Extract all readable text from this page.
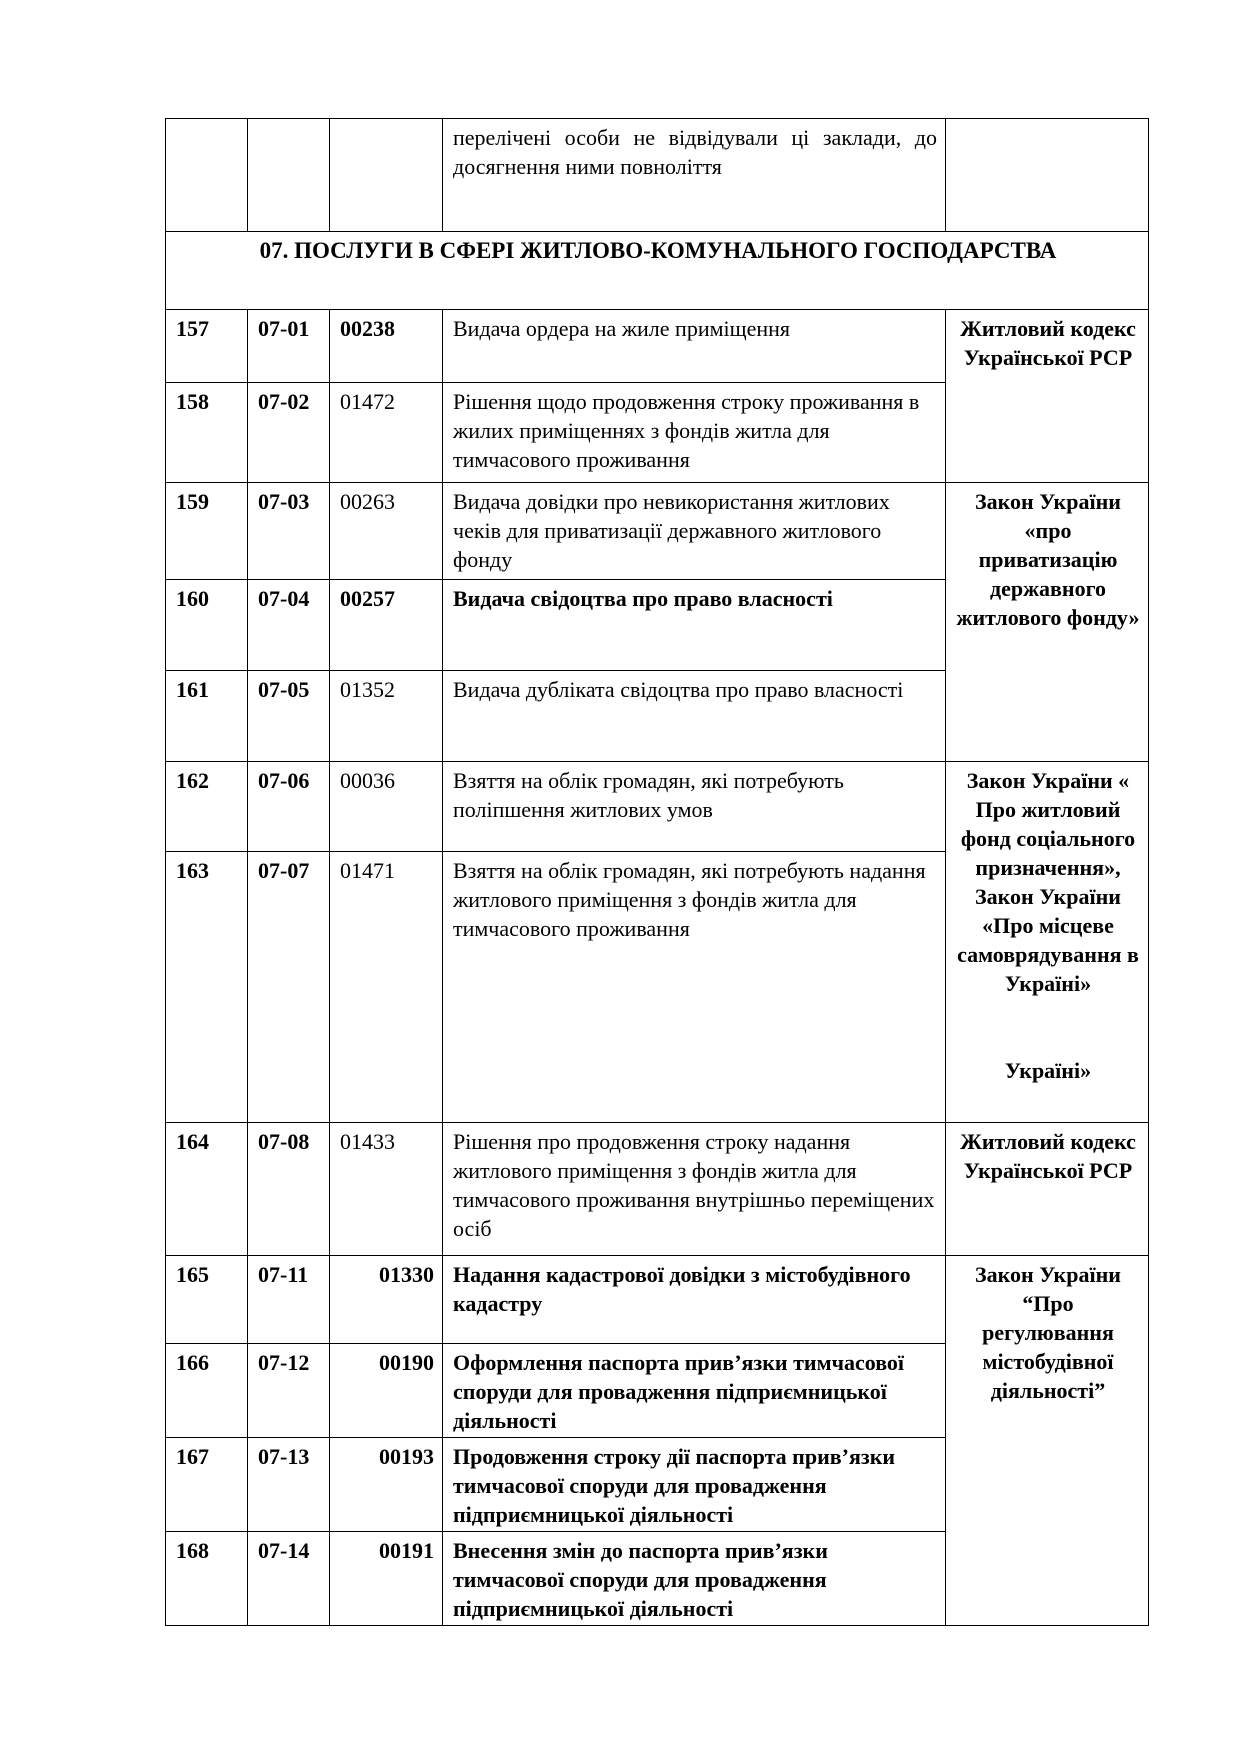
			перелічені особи не відвідували ці заклади, до досягнення ними повноліття	
07. ПОСЛУГИ В СФЕРІ ЖИТЛОВО-КОМУНАЛЬНОГО ГОСПОДАРСТВА				
157	07-01	00238	Видача ордера на жиле приміщення	Житловий кодекс Української РСР
158	07-02	01472	Рішення щодо продовження строку проживання в жилих приміщеннях з фондів житла для тимчасового проживання	
159	07-03	00263	Видача довідки про невикористання житлових чеків для приватизації державного житлового фонду	Закон України «про приватизацію державного житлового фонду»
160	07-04	00257	Видача свідоцтва про право власності	
161	07-05	01352	Видача дубліката свідоцтва про право власності	
162	07-06	00036	Взяття на облік громадян, які потребують поліпшення житлових умов	Закон України « Про житловий фонд соціального призначення», Закон України «Про місцеве самоврядування в Україні»

Україні»

163	07-07	01471	Взяття на облік громадян, які потребують надання житлового приміщення з фондів житла для тимчасового проживання	
164	07-08	01433	Рішення про продовження строку надання житлового приміщення з фондів житла для тимчасового проживання внутрішньо переміщених осіб	Житловий кодекс Української РСР
165	07-11	01330	Надання кадастрової довідки з містобудівного кадастру	Закон України “Про регулювання містобудівної діяльності”
166	07-12	00190	Оформлення паспорта прив’язки тимчасової споруди для провадження підприємницької діяльності	
167	07-13	00193	Продовження строку дії паспорта прив’язки тимчасової споруди для провадження підприємницької діяльності	
168	07-14	00191	Внесення змін до паспорта прив’язки тимчасової споруди для провадження підприємницької діяльності	
